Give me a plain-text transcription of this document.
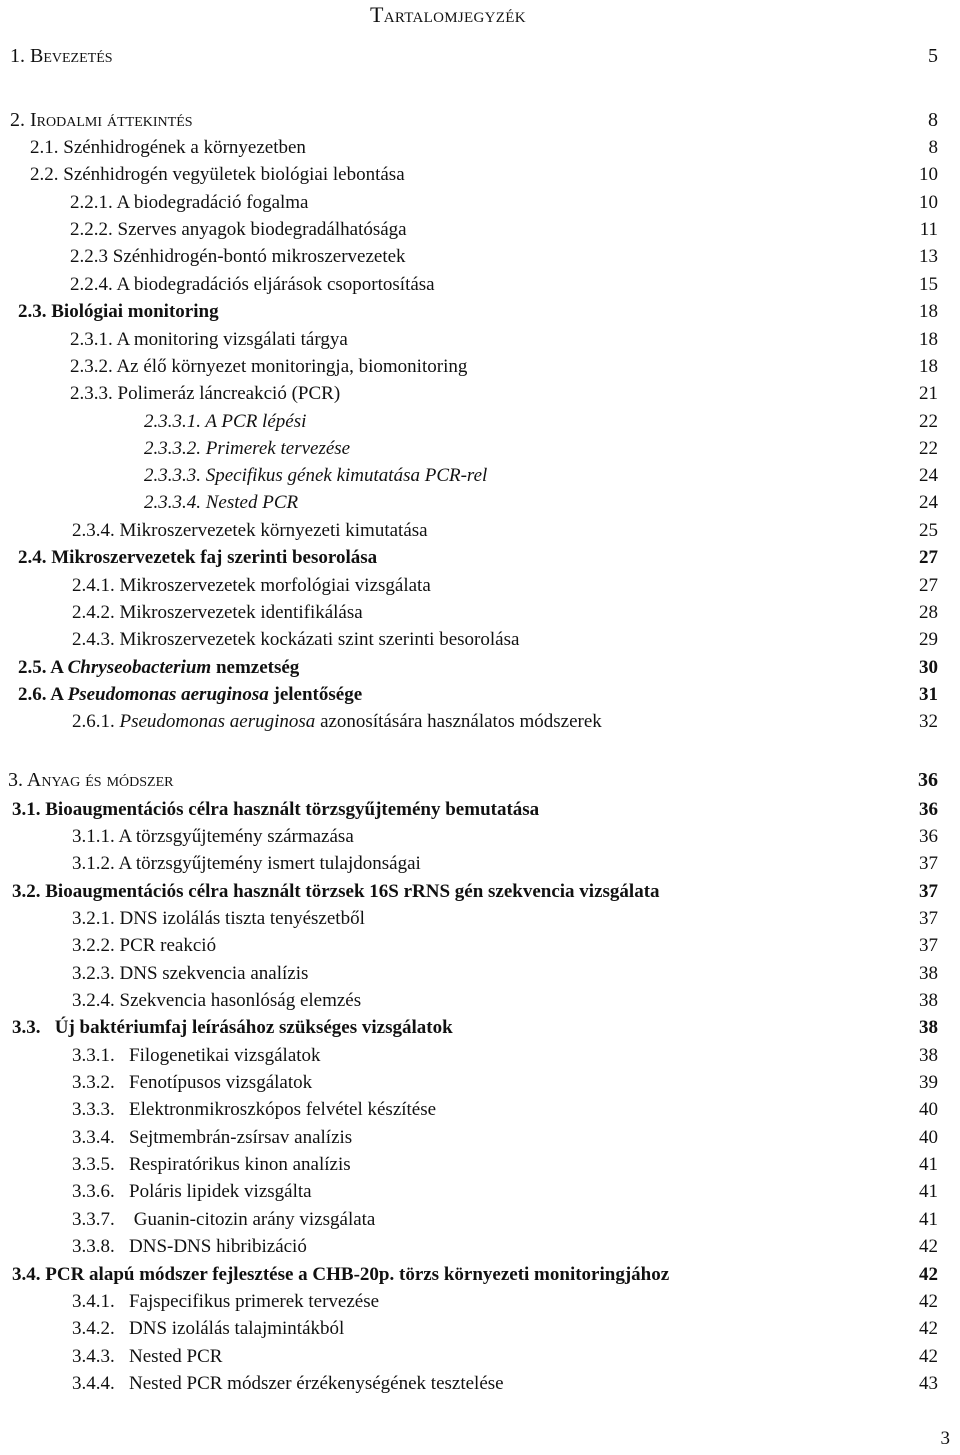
Tartalomjegyzék
1. Bevezetés	5
2. Irodalmi áttekintés	8
2.1. Szénhidrogének a környezetben	8
2.2. Szénhidrogén vegyületek biológiai lebontása	10
2.2.1. A biodegradáció fogalma	10
2.2.2. Szerves anyagok biodegradálhatósága	11
2.2.3 Szénhidrogén-bontó mikroszervezetek	13
2.2.4. A biodegradációs eljárások csoportosítása	15
2.3. Biológiai monitoring	18
2.3.1. A monitoring vizsgálati tárgya	18
2.3.2. Az élő környezet monitoringja, biomonitoring	18
2.3.3. Polimeráz láncreakció (PCR)	21
2.3.3.1. A PCR lépési	22
2.3.3.2. Primerek tervezése	22
2.3.3.3. Specifikus gének kimutatása PCR-rel	24
2.3.3.4. Nested PCR	24
2.3.4. Mikroszervezetek környezeti kimutatása	25
2.4. Mikroszervezetek faj szerinti besorolása	27
2.4.1. Mikroszervezetek morfológiai vizsgálata	27
2.4.2. Mikroszervezetek identifikálása	28
2.4.3. Mikroszervezetek kockázati szint szerinti besorolása	29
2.5. A Chryseobacterium nemzetség	30
2.6. A Pseudomonas aeruginosa jelentősége	31
2.6.1. Pseudomonas aeruginosa azonosítására használatos módszerek	32
3. Anyag és módszer	36
3.1. Bioaugmentációs célra használt törzsgyűjtemény bemutatása	36
3.1.1. A törzsgyűjtemény származása	36
3.1.2. A törzsgyűjtemény ismert tulajdonságai	37
3.2. Bioaugmentációs célra használt törzsek 16S rRNS gén szekvencia vizsgálata	37
3.2.1. DNS izolálás tiszta tenyészetből	37
3.2.2. PCR reakció	37
3.2.3. DNS szekvencia analízis	38
3.2.4. Szekvencia hasonlóság elemzés	38
3.3.   Új baktériumfaj leírásához szükséges vizsgálatok	38
3.3.1.   Filogenetikai vizsgálatok	38
3.3.2.   Fenotípusos vizsgálatok	39
3.3.3.   Elektronmikroszkópos felvétel készítése	40
3.3.4.   Sejtmembrán-zsírsav analízis	40
3.3.5.   Respiratórikus kinon analízis	41
3.3.6.   Poláris lipidek vizsgálta	41
3.3.7.    Guanin-citozin arány vizsgálata	41
3.3.8.   DNS-DNS hibribizáció	42
3.4. PCR alapú módszer fejlesztése a CHB-20p. törzs környezeti monitoringjához	42
3.4.1.   Fajspecifikus primerek tervezése	42
3.4.2.   DNS izolálás talajmintákból	42
3.4.3.   Nested PCR	42
3.4.4.   Nested PCR módszer érzékenységének tesztelése	43
3
